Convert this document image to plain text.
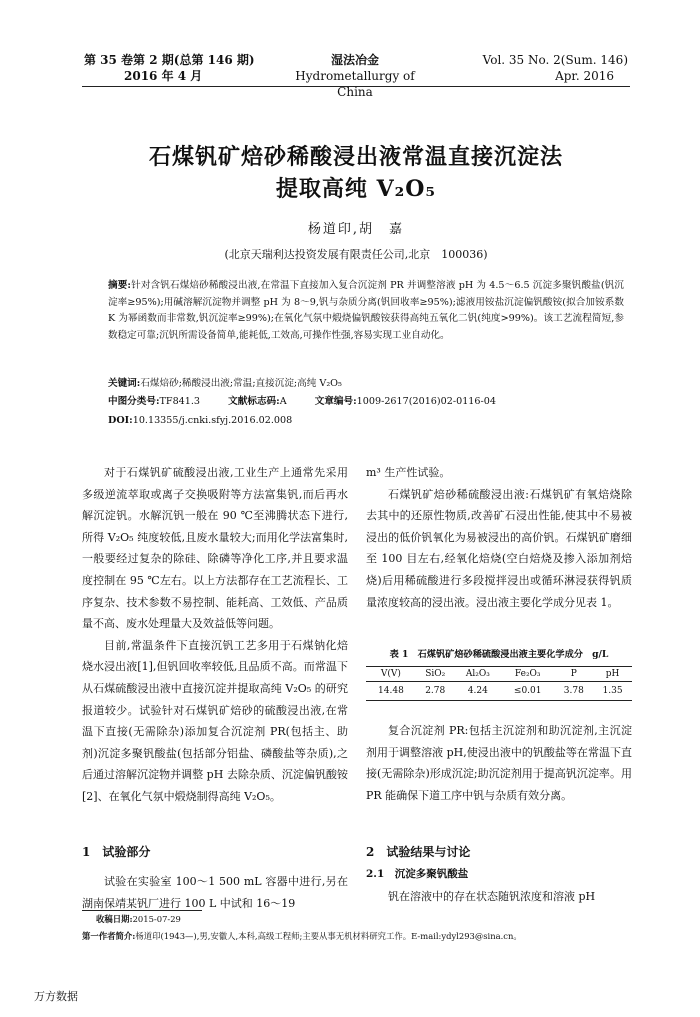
第 35 卷第 2 期(总第 146 期)
2016 年 4 月
湿法冶金
Hydrometallurgy of China
Vol. 35 No. 2(Sum. 146)
Apr. 2016
石煤钒矿焙砂稀酸浸出液常温直接沉淀法
提取高纯 V₂O₅
杨道印,胡　嘉
(北京天瑞利达投资发展有限责任公司,北京　100036)
摘要:针对含钒石煤焙砂稀酸浸出液,在常温下直接加入复合沉淀剂 PR 并调整溶液 pH 为 4.5～6.5 沉淀多聚钒酸盐(钒沉淀率≥95%);用碱溶解沉淀物并调整 pH 为 8～9,钒与杂质分离(钒回收率≥95%);滤液用铵盐沉淀偏钒酸铵(拟合加铵系数 K 为幂函数而非常数,钒沉淀率≥99%);在氧化气氛中煅烧偏钒酸铵获得高纯五氧化二钒(纯度>99%)。该工艺流程简短,参数稳定可靠;沉钒所需设备简单,能耗低,工效高,可操作性强,容易实现工业自动化。
关键词:石煤焙砂;稀酸浸出液;常温;直接沉淀;高纯 V₂O₅
中图分类号:TF841.3	文献标志码:A	文章编号:1009-2617(2016)02-0116-04
DOI:10.13355/j.cnki.sfyj.2016.02.008

对于石煤钒矿硫酸浸出液,工业生产上通常先采用多级逆流萃取或离子交换吸附等方法富集钒,而后再水解沉淀钒。水解沉钒一般在 90 ℃至沸腾状态下进行,所得 V₂O₅ 纯度较低,且废水量较大;而用化学法富集时,一般要经过复杂的除硅、除磷等净化工序,并且要求温度控制在 95 ℃左右。以上方法都存在工艺流程长、工序复杂、技术参数不易控制、能耗高、工效低、产品质量不高、废水处理量大及效益低等问题。

目前,常温条件下直接沉钒工艺多用于石煤钠化焙烧水浸出液[1],但钒回收率较低,且品质不高。而常温下从石煤硫酸浸出液中直接沉淀并提取高纯 V₂O₅ 的研究报道较少。试验针对石煤钒矿焙砂的硫酸浸出液,在常温下直接(无需除杂)添加复合沉淀剂 PR(包括主、助剂)沉淀多聚钒酸盐(包括部分铝盐、磷酸盐等杂质),之后通过溶解沉淀物并调整 pH 去除杂质、沉淀偏钒酸铵[2]、在氧化气氛中煅烧制得高纯 V₂O₅。

m³ 生产性试验。

石煤钒矿焙砂稀硫酸浸出液:石煤钒矿有氧焙烧除去其中的还原性物质,改善矿石浸出性能,使其中不易被浸出的低价钒氧化为易被浸出的高价钒。石煤钒矿磨细至 100 目左右,经氧化焙烧(空白焙烧及掺入添加剂焙烧)后用稀硫酸进行多段搅拌浸出或循环淋浸获得钒质量浓度较高的浸出液。浸出液主要化学成分见表 1。

表 1　石煤钒矿焙砂稀硫酸浸出液主要化学成分　g/L
V(Ⅴ)	SiO₂	Al₂O₃	Fe₂O₃	P	pH
14.48	2.78	4.24	≤0.01	3.78	1.35

复合沉淀剂 PR:包括主沉淀剂和助沉淀剂,主沉淀剂用于调整溶液 pH,使浸出液中的钒酸盐等在常温下直接(无需除杂)形成沉淀;助沉淀剂用于提高钒沉淀率。用 PR 能确保下道工序中钒与杂质有效分离。

1　试验部分	2　试验结果与讨论

试验在实验室 100～1 500 mL 容器中进行,另在湖南保靖某钒厂进行 100 L 中试和 16～19

2.1　沉淀多聚钒酸盐

钒在溶液中的存在状态随钒浓度和溶液 pH

收稿日期:2015-07-29
第一作者简介:杨道印(1943—),男,安徽人,本科,高级工程师;主要从事无机材料研究工作。E-mail:ydyl293@sina.cn。
万方数据
